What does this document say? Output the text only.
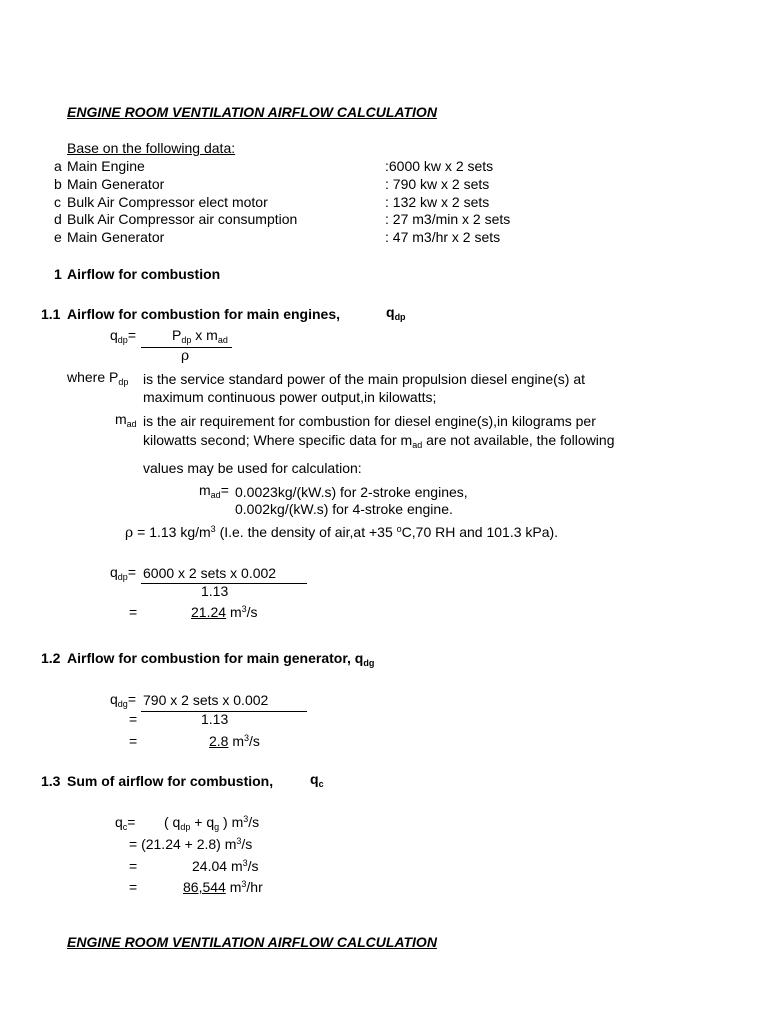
ENGINE ROOM VENTILATION AIRFLOW CALCULATION
Base on the following data:
a Main Engine	:6000 kw x 2 sets
b Main Generator	: 790 kw x 2 sets
c Bulk Air Compressor elect motor	: 132 kw x 2 sets
d Bulk Air Compressor air consumption	: 27 m3/min x 2 sets
e Main Generator	: 47 m3/hr x 2 sets
1 Airflow for combustion
1.1 Airflow for combustion for main engines,	$q_{dp}$
$q_{dp}=$	$P_{dp}$ x $m_{ad}$
ρ
where $P_{dp}$ is the service standard power of the main propulsion diesel engine(s) at
maximum continuous power output,in kilowatts;
$m_{ad}$ is the air requirement for combustion for diesel engine(s),in kilograms per
kilowatts second; Where specific data for $m_{ad}$ are not available, the following
values may be used for calculation:
$m_{ad}= 0.0023kg/(kW.s)$ for 2-stroke engines,
0.002kg/(kW.s) for 4-stroke engine.
ρ = 1.13 $kg/m^3$ (I.e. the density of air,at +35 $^o$C,70 RH and 101.3 kPa).
$q_{dp}= 6000$ x 2 sets x 0.002
1.13
=	21.24 $m^3/s$
1.2 Airflow for combustion for main generator, $q_{dg}$
$q_{dg}= 790$ x 2 sets x 0.002
=	1.13
=	2.8 $m^3/s$
1.3 Sum of airflow for combustion,	$q_c$
$q_c=$ ( $q_{dp} + q_g$ ) $m^3/s$
= (21.24 + 2.8) $m^3/s$
=	24.04 $m^3/s$
=	86,544 $m^3/hr$
ENGINE ROOM VENTILATION AIRFLOW CALCULATION
